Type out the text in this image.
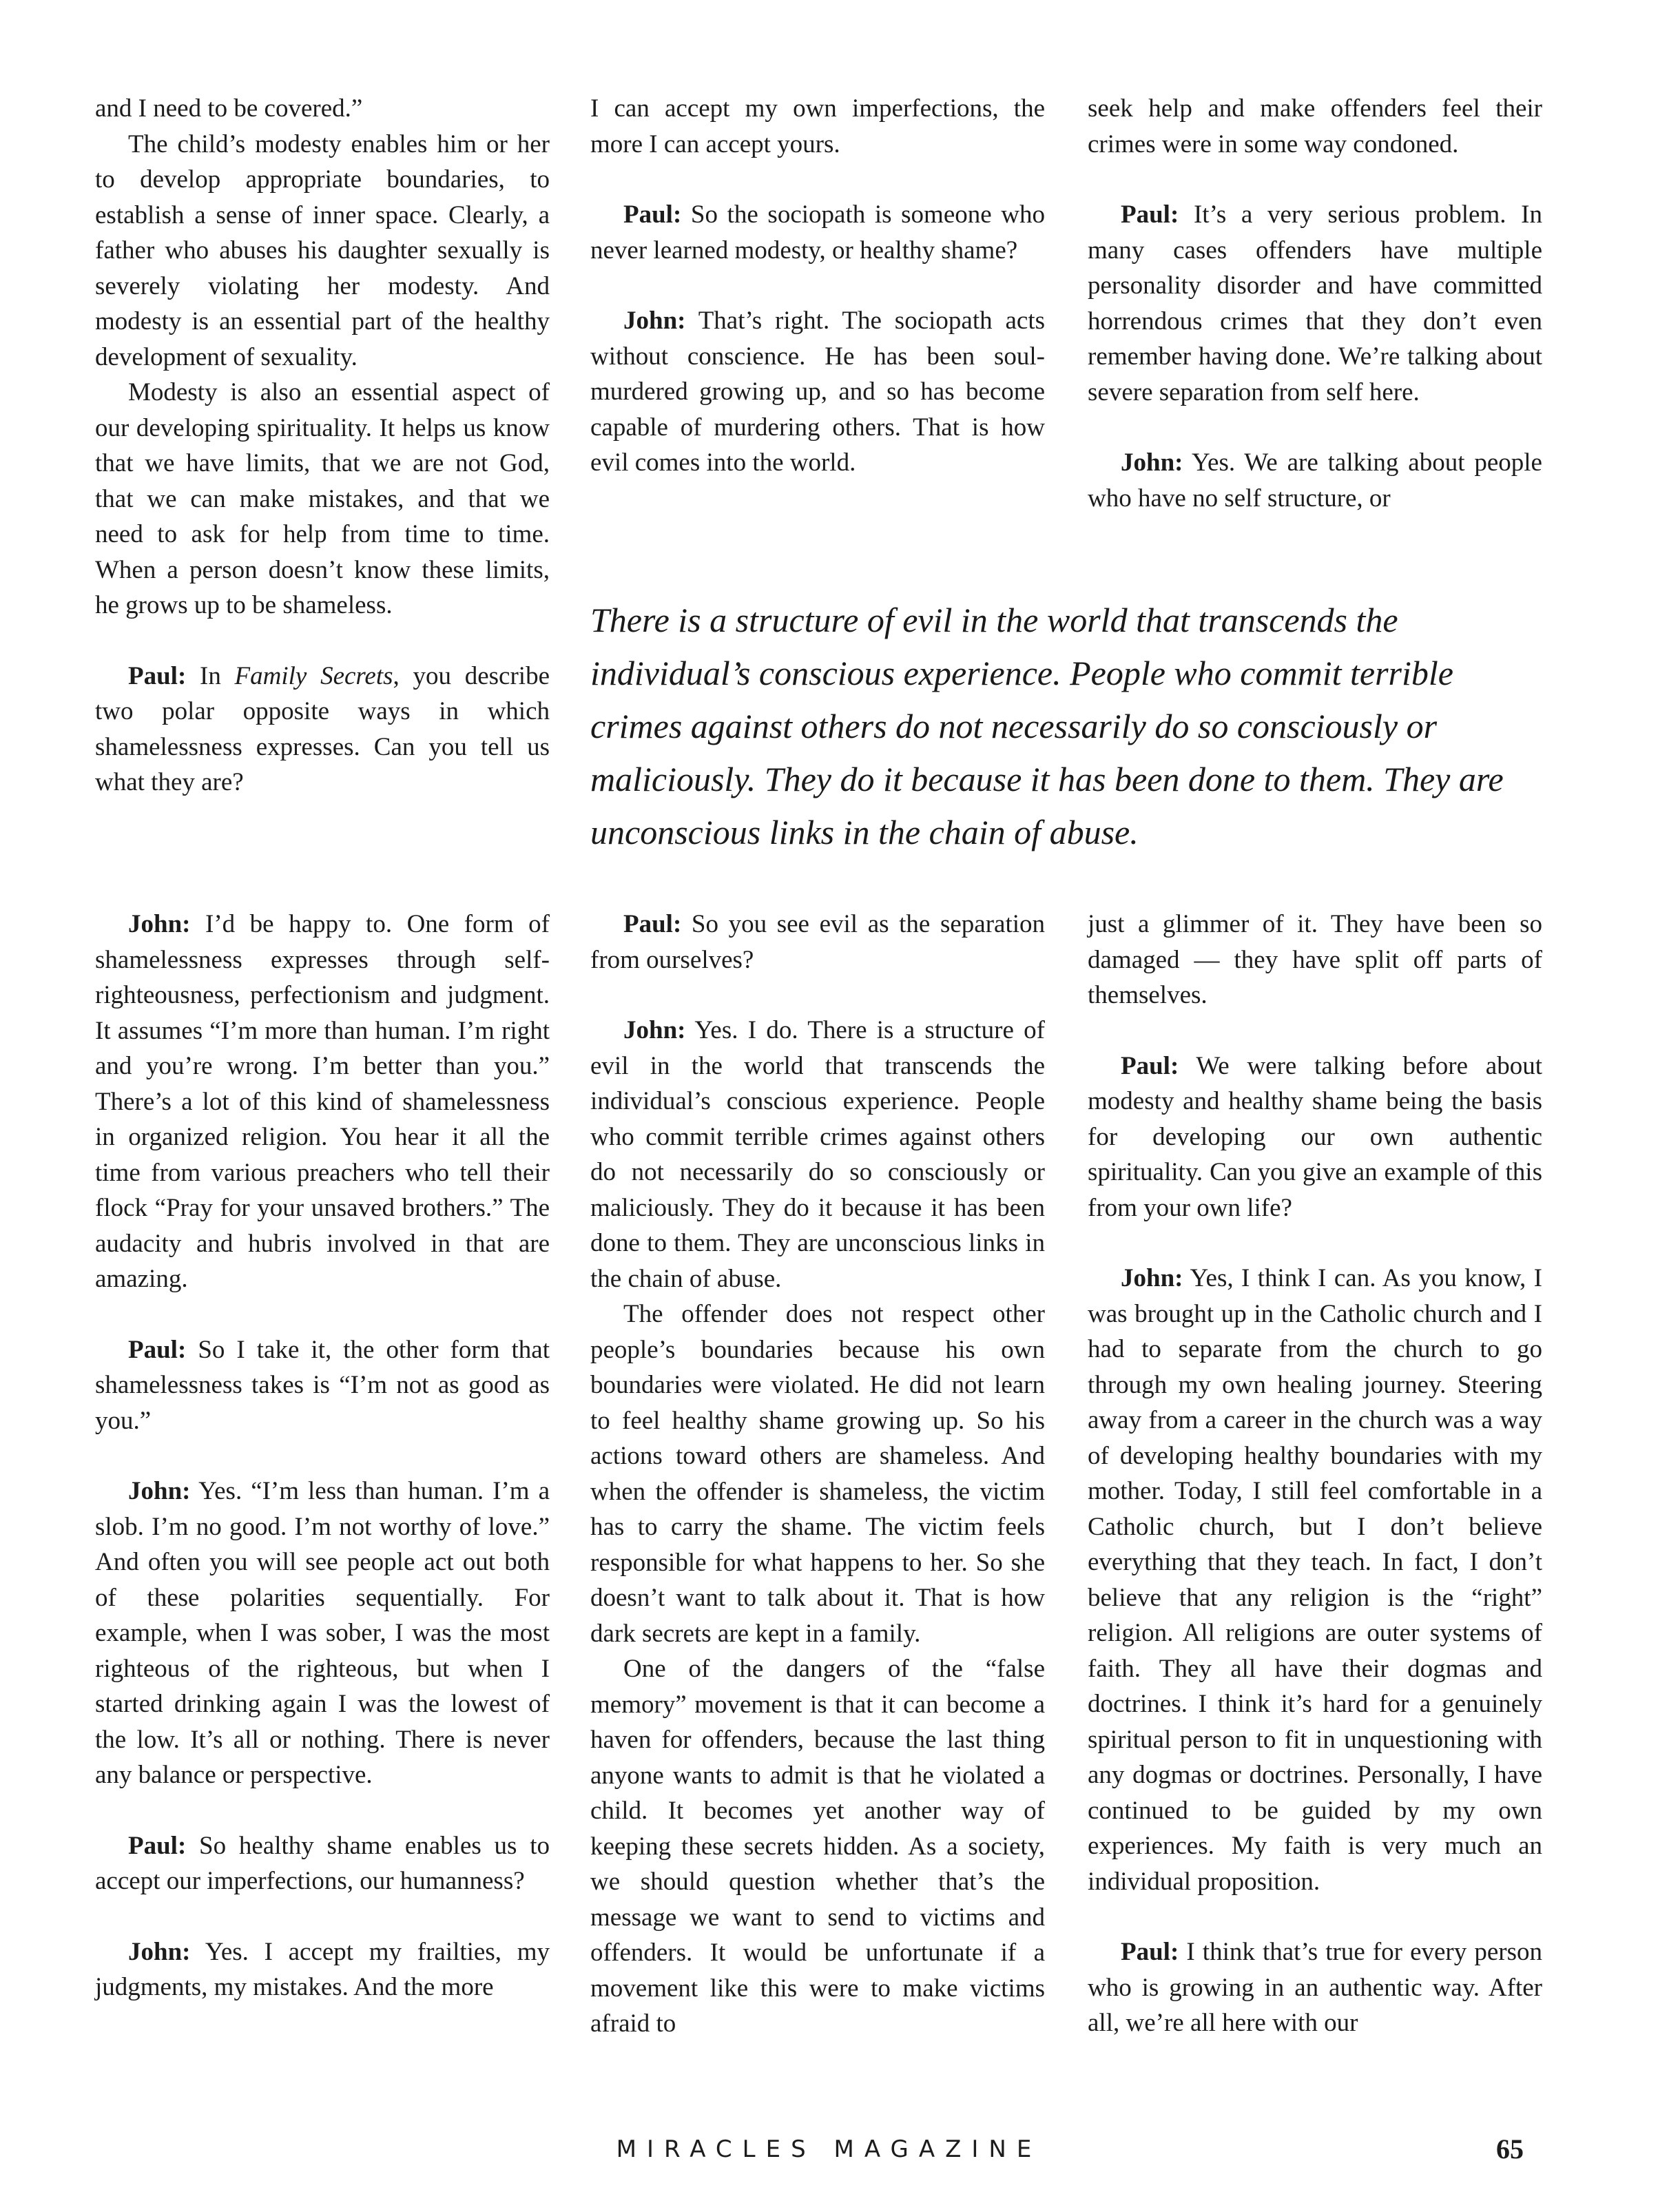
and I need to be covered.”

The child’s modesty enables him or her to develop appropriate boundaries, to establish a sense of inner space. Clearly, a father who abuses his daughter sexually is severely violating her modesty. And modesty is an essential part of the healthy development of sexuality.

Modesty is also an essential aspect of our developing spirituality. It helps us know that we have limits, that we are not God, that we can make mistakes, and that we need to ask for help from time to time. When a person doesn’t know these limits, he grows up to be shameless.

Paul: In Family Secrets, you describe two polar opposite ways in which shamelessness expresses. Can you tell us what they are?

I can accept my own imperfections, the more I can accept yours.

Paul: So the sociopath is someone who never learned modesty, or healthy shame?

John: That’s right. The sociopath acts without conscience. He has been soul-murdered growing up, and so has become capable of murdering others. That is how evil comes into the world.

seek help and make offenders feel their crimes were in some way condoned.

Paul: It’s a very serious problem. In many cases offenders have multiple personality disorder and have committed horrendous crimes that they don’t even remember having done. We’re talking about severe separation from self here.

John: Yes. We are talking about people who have no self structure, or

There is a structure of evil in the world that transcends the individual’s conscious experience. People who commit terrible crimes against others do not necessarily do so consciously or maliciously. They do it because it has been done to them. They are unconscious links in the chain of abuse.

John: I’d be happy to. One form of shamelessness expresses through self-righteousness, perfectionism and judgment. It assumes “I’m more than human. I’m right and you’re wrong. I’m better than you.” There’s a lot of this kind of shamelessness in organized religion. You hear it all the time from various preachers who tell their flock “Pray for your unsaved brothers.” The audacity and hubris involved in that are amazing.

Paul: So I take it, the other form that shamelessness takes is “I’m not as good as you.”

John: Yes. “I’m less than human. I’m a slob. I’m no good. I’m not worthy of love.” And often you will see people act out both of these polarities sequentially. For example, when I was sober, I was the most righteous of the righteous, but when I started drinking again I was the lowest of the low. It’s all or nothing. There is never any balance or perspective.

Paul: So healthy shame enables us to accept our imperfections, our humanness?

John: Yes. I accept my frailties, my judgments, my mistakes. And the more

Paul: So you see evil as the separation from ourselves?

John: Yes. I do. There is a structure of evil in the world that transcends the individual’s conscious experience. People who commit terrible crimes against others do not necessarily do so consciously or maliciously. They do it because it has been done to them. They are unconscious links in the chain of abuse.

The offender does not respect other people’s boundaries because his own boundaries were violated. He did not learn to feel healthy shame growing up. So his actions toward others are shameless. And when the offender is shameless, the victim has to carry the shame. The victim feels responsible for what happens to her. So she doesn’t want to talk about it. That is how dark secrets are kept in a family.

One of the dangers of the “false memory” movement is that it can become a haven for offenders, because the last thing anyone wants to admit is that he violated a child. It becomes yet another way of keeping these secrets hidden. As a society, we should question whether that’s the message we want to send to victims and offenders. It would be unfortunate if a movement like this were to make victims afraid to

just a glimmer of it. They have been so damaged — they have split off parts of themselves.

Paul: We were talking before about modesty and healthy shame being the basis for developing our own authentic spirituality. Can you give an example of this from your own life?

John: Yes, I think I can. As you know, I was brought up in the Catholic church and I had to separate from the church to go through my own healing journey. Steering away from a career in the church was a way of developing healthy boundaries with my mother. Today, I still feel comfortable in a Catholic church, but I don’t believe everything that they teach. In fact, I don’t believe that any religion is the “right” religion. All religions are outer systems of faith. They all have their dogmas and doctrines. I think it’s hard for a genuinely spiritual person to fit in unquestioning with any dogmas or doctrines. Personally, I have continued to be guided by my own experiences. My faith is very much an individual proposition.

Paul: I think that’s true for every person who is growing in an authentic way. After all, we’re all here with our

MIRACLES MAGAZINE	65
